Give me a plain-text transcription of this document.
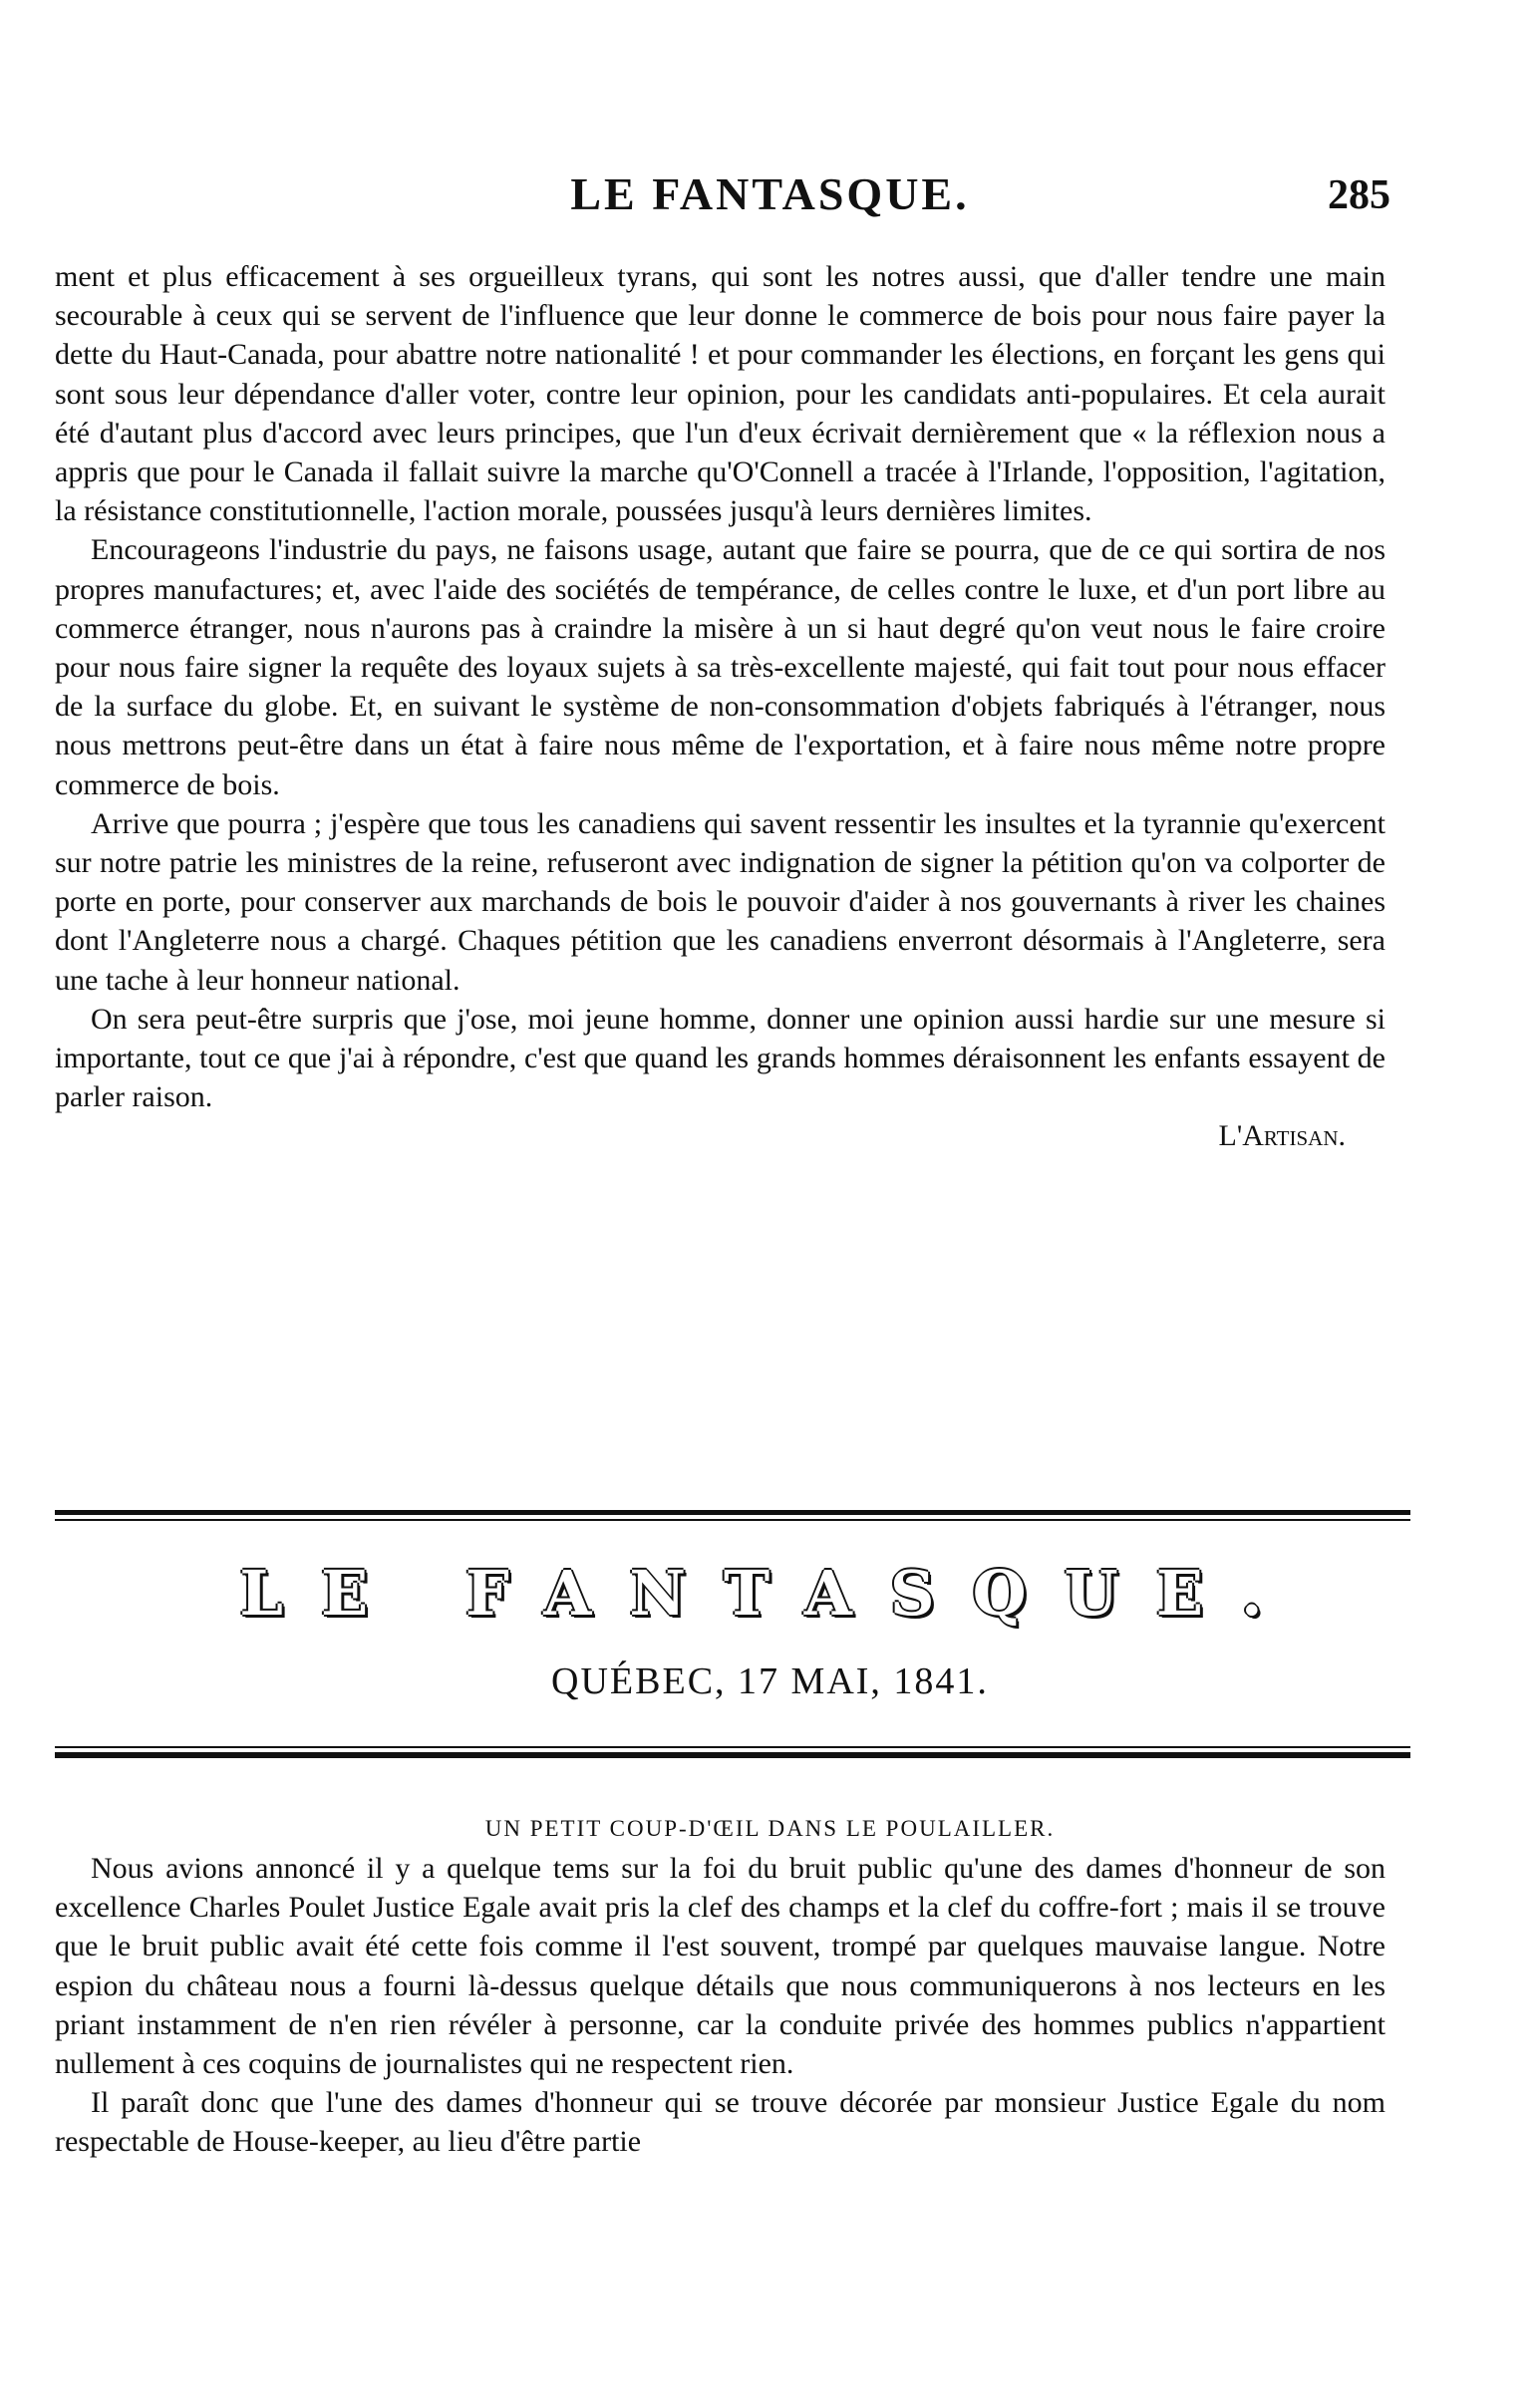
LE FANTASQUE.	285

ment et plus efficacement à ses orgueilleux tyrans, qui sont les notres aussi, que d'aller tendre une main secourable à ceux qui se servent de l'influence que leur donne le commerce de bois pour nous faire payer la dette du Haut-Canada, pour abattre notre nationalité ! et pour commander les élections, en forçant les gens qui sont sous leur dépendance d'aller voter, contre leur opinion, pour les candidats anti-populaires. Et cela aurait été d'autant plus d'accord avec leurs principes, que l'un d'eux écrivait dernièrement que « la réflexion nous a appris que pour le Canada il fallait suivre la marche qu'O'Connell a tracée à l'Irlande, l'opposition, l'agitation, la résistance constitutionnelle, l'action morale, poussées jusqu'à leurs dernières limites.

Encourageons l'industrie du pays, ne faisons usage, autant que faire se pourra, que de ce qui sortira de nos propres manufactures; et, avec l'aide des sociétés de tempérance, de celles contre le luxe, et d'un port libre au commerce étranger, nous n'aurons pas à craindre la misère à un si haut degré qu'on veut nous le faire croire pour nous faire signer la requête des loyaux sujets à sa très-excellente majesté, qui fait tout pour nous effacer de la surface du globe. Et, en suivant le système de non-consommation d'objets fabriqués à l'étranger, nous nous mettrons peut-être dans un état à faire nous même de l'exportation, et à faire nous même notre propre commerce de bois.

Arrive que pourra ; j'espère que tous les canadiens qui savent ressentir les insultes et la tyrannie qu'exercent sur notre patrie les ministres de la reine, refuseront avec indignation de signer la pétition qu'on va colporter de porte en porte, pour conserver aux marchands de bois le pouvoir d'aider à nos gouvernants à river les chaines dont l'Angleterre nous a chargé. Chaques pétition que les canadiens enverront désormais à l'Angleterre, sera une tache à leur honneur national.

On sera peut-être surpris que j'ose, moi jeune homme, donner une opinion aussi hardie sur une mesure si importante, tout ce que j'ai à répondre, c'est que quand les grands hommes déraisonnent les enfants essayent de parler raison.

L'Artisan.

LE FANTASQUE.
QUÉBEC, 17 MAI, 1841.
UN PETIT COUP-D'ŒIL DANS LE POULAILLER.

Nous avions annoncé il y a quelque tems sur la foi du bruit public qu'une des dames d'honneur de son excellence Charles Poulet Justice Egale avait pris la clef des champs et la clef du coffre-fort ; mais il se trouve que le bruit public avait été cette fois comme il l'est souvent, trompé par quelques mauvaise langue. Notre espion du château nous a fourni là-dessus quelque détails que nous communiquerons à nos lecteurs en les priant instamment de n'en rien révéler à personne, car la conduite privée des hommes publics n'appartient nullement à ces coquins de journalistes qui ne respectent rien.

Il paraît donc que l'une des dames d'honneur qui se trouve décorée par monsieur Justice Egale du nom respectable de House-keeper, au lieu d'être partie
